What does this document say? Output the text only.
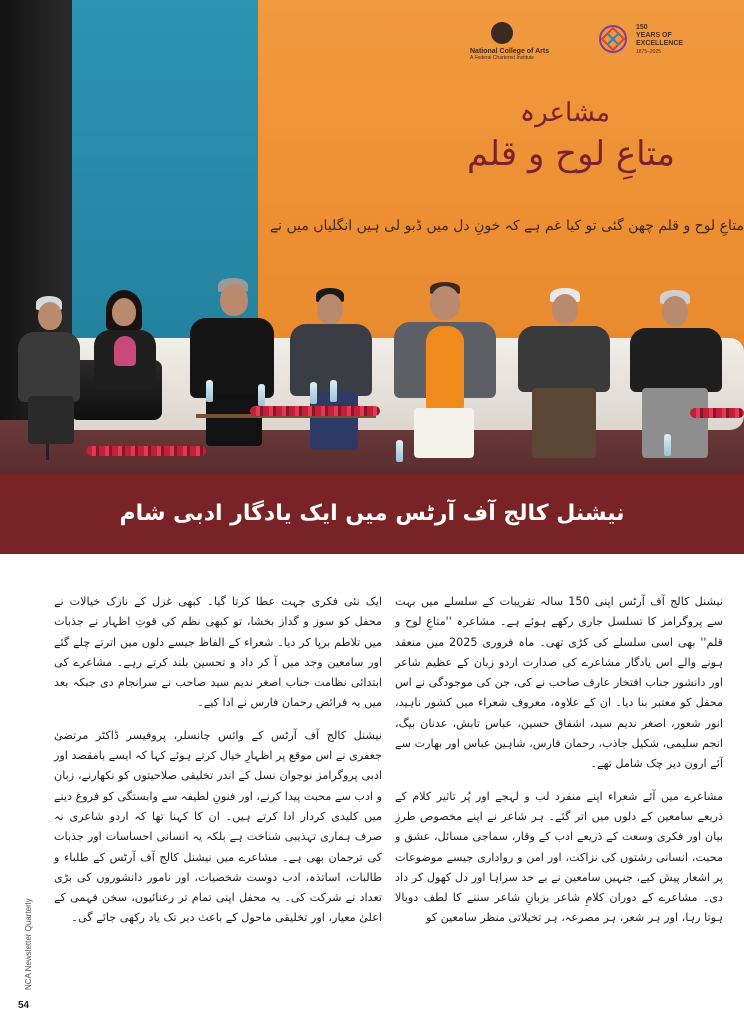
National College of Arts
A Federal Chartered Institute
150
YEARS OF
EXCELLENCE
1875–2025
مشاعرہ
متاعِ لوح و قلم
متاعِ لوح و قلم چھن گئی تو کیا غم ہے کہ خونِ دل میں ڈبو لی ہیں انگلیاں میں نے
نیشنل کالج آف آرٹس میں ایک یادگار ادبی شام

نیشنل کالج آف آرٹس اپنی 150 سالہ تقریبات کے سلسلے میں بہت سے پروگرامز کا تسلسل جاری رکھے ہوئے ہے۔ مشاعرہ ''متاعِ لوح و قلم'' بھی اسی سلسلے کی کڑی تھی۔ ماہ فروری 2025 میں منعقد ہونے والے اس یادگار مشاعرے کی صدارت اردو زبان کے عظیم شاعر اور دانشور جناب افتخار عارف صاحب نے کی، جن کی موجودگی نے اس محفل کو معتبر بنا دیا۔ ان کے علاوہ، معروف شعراء میں کشور ناہید، انور شعور، اصغر ندیم سید، اشفاق حسین، عباس تابش، عدنان بیگ، انجم سلیمی، شکیل جاذب، رحمان فارس، شاہین عباس اور بھارت سے آئے ارون دیر چک شامل تھے۔

مشاعرے میں آئے شعراء اپنے منفرد لب و لہجے اور پُر تاثیر کلام کے ذریعے سامعین کے دلوں میں اتر گئے۔ ہر شاعر نے اپنے مخصوص طرزِ بیان اور فکری وسعت کے ذریعے ادب کے وقار، سماجی مسائل، عشق و محبت، انسانی رشتوں کی نزاکت، اور امن و رواداری جیسے موضوعات پر اشعار پیش کیے، جنہیں سامعین نے بے حد سراہا اور دل کھول کر داد دی۔ مشاعرے کے دوران کلامِ شاعر بزبانِ شاعر سننے کا لطف دوبالا ہوتا رہا، اور ہر شعر، ہر مصرعہ، ہر تخیلاتی منظر سامعین کو

ایک نئی فکری جہت عطا کرتا گیا۔ کبھی غزل کے نازک خیالات نے محفل کو سوز و گداز بخشا، تو کبھی نظم کی قوتِ اظہار نے جذبات میں تلاطم برپا کر دیا۔ شعراء کے الفاظ جیسے دلوں میں اترتے چلے گئے اور سامعین وجد میں آ کر داد و تحسین بلند کرتے رہے۔ مشاعرے کی ابتدائی نظامت جناب اصغر ندیم سید صاحب نے سرانجام دی جبکہ بعد میں یہ فرائض رحمان فارس نے ادا کیے۔

نیشنل کالج آف آرٹس کے وائس چانسلر، پروفیسر ڈاکٹر مرتضیٰ جعفری نے اس موقع پر اظہارِ خیال کرتے ہوئے کہا کہ ایسے بامقصد اور ادبی پروگرامز نوجوان نسل کے اندر تخلیقی صلاحیتوں کو نکھارنے، زبان و ادب سے محبت پیدا کرنے، اور فنونِ لطیفہ سے وابستگی کو فروغ دینے میں کلیدی کردار ادا کرتے ہیں۔ ان کا کہنا تھا کہ اردو شاعری نہ صرف ہماری تہذیبی شناخت ہے بلکہ یہ انسانی احساسات اور جذبات کی ترجمان بھی ہے۔ مشاعرے میں نیشنل کالج آف آرٹس کے طلباء و طالبات، اساتذہ، ادب دوست شخصیات، اور نامور دانشوروں کی بڑی تعداد نے شرکت کی۔ یہ محفل اپنی تمام تر رعنائیوں، سخن فہمی کے اعلیٰ معیار، اور تخلیقی ماحول کے باعث دیر تک یاد رکھی جائے گی۔

NCA Newsletter Quarterly
54
